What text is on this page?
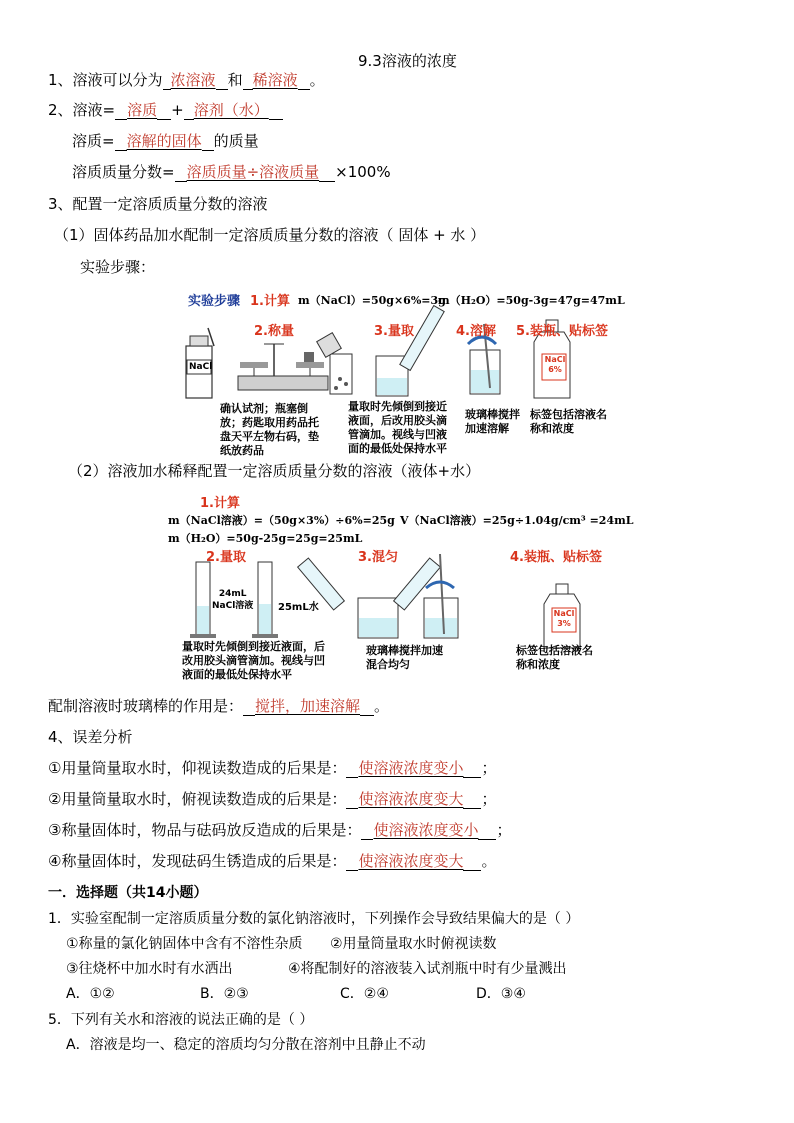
9.3溶液的浓度
1、溶液可以分为 浓溶液 和 稀溶液 。
2、溶液= 溶质 + 溶剂（水）
溶质= 溶解的固体 的质量
溶质质量分数= 溶质质量÷溶液质量 ×100%
3、配置一定溶质质量分数的溶液
（1）固体药品加水配制一定溶质质量分数的溶液（ 固体 + 水 ）
实验步骤：
实验步骤 1.计算 m（NaCl）=50g×6%=3g
m（H₂O）=50g-3g=47g=47mL
2.称量	3.量取	4.溶解 5.装瓶、贴标签
NaCl
NaCl
6%
确认试剂；瓶塞倒放；药匙取用药品托盘天平左物右码，垫纸放药品
量取时先倾倒到接近液面，后改用胶头滴管滴加。视线与凹液面的最低处保持水平
玻璃棒搅拌加速溶解
标签包括溶液名称和浓度
（2）溶液加水稀释配置一定溶质质量分数的溶液（液体+水）
1.计算
m（NaCl溶液）=（50g×3%）÷6%=25g V（NaCl溶液）=25g÷1.04g/cm³ =24mL
m（H₂O）=50g-25g=25g=25mL
2.量取	3.混匀	4.装瓶、贴标签
24mL
NaCl溶液 25mL水
NaCl
3%
量取时先倾倒到接近液面，后改用胶头滴管滴加。视线与凹液面的最低处保持水平
玻璃棒搅拌加速混合均匀
标签包括溶液名称和浓度
配制溶液时玻璃棒的作用是： 搅拌，加速溶解 。
4、误差分析
①用量筒量取水时，仰视读数造成的后果是： 使溶液浓度变小 ；
②用量筒量取水时，俯视读数造成的后果是： 使溶液浓度变大 ；
③称量固体时，物品与砝码放反造成的后果是： 使溶液浓度变小 ；
④称量固体时，发现砝码生锈造成的后果是： 使溶液浓度变大 。
一．选择题（共14小题）
1．实验室配制一定溶质质量分数的氯化钠溶液时，下列操作会导致结果偏大的是（ ）
①称量的氯化钠固体中含有不溶性杂质 ②用量筒量取水时俯视读数
③往烧杯中加水时有水洒出	④将配制好的溶液装入试剂瓶中时有少量溅出
A．①②	B．②③	C．②④	D．③④
5．下列有关水和溶液的说法正确的是（ ）
A．溶液是均一、稳定的溶质均匀分散在溶剂中且静止不动
